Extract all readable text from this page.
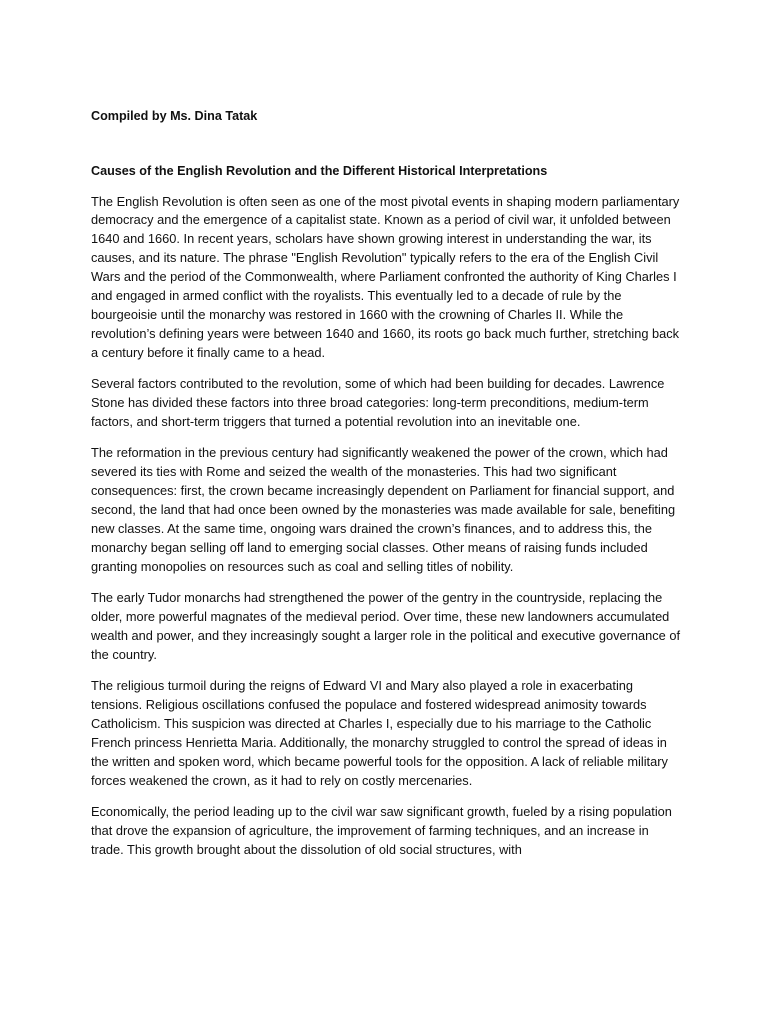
Compiled by Ms. Dina Tatak

Causes of the English Revolution and the Different Historical Interpretations

The English Revolution is often seen as one of the most pivotal events in shaping modern parliamentary democracy and the emergence of a capitalist state. Known as a period of civil war, it unfolded between 1640 and 1660. In recent years, scholars have shown growing interest in understanding the war, its causes, and its nature. The phrase "English Revolution" typically refers to the era of the English Civil Wars and the period of the Commonwealth, where Parliament confronted the authority of King Charles I and engaged in armed conflict with the royalists. This eventually led to a decade of rule by the bourgeoisie until the monarchy was restored in 1660 with the crowning of Charles II. While the revolution’s defining years were between 1640 and 1660, its roots go back much further, stretching back a century before it finally came to a head.

Several factors contributed to the revolution, some of which had been building for decades. Lawrence Stone has divided these factors into three broad categories: long-term preconditions, medium-term factors, and short-term triggers that turned a potential revolution into an inevitable one.

The reformation in the previous century had significantly weakened the power of the crown, which had severed its ties with Rome and seized the wealth of the monasteries. This had two significant consequences: first, the crown became increasingly dependent on Parliament for financial support, and second, the land that had once been owned by the monasteries was made available for sale, benefiting new classes. At the same time, ongoing wars drained the crown’s finances, and to address this, the monarchy began selling off land to emerging social classes. Other means of raising funds included granting monopolies on resources such as coal and selling titles of nobility.

The early Tudor monarchs had strengthened the power of the gentry in the countryside, replacing the older, more powerful magnates of the medieval period. Over time, these new landowners accumulated wealth and power, and they increasingly sought a larger role in the political and executive governance of the country.

The religious turmoil during the reigns of Edward VI and Mary also played a role in exacerbating tensions. Religious oscillations confused the populace and fostered widespread animosity towards Catholicism. This suspicion was directed at Charles I, especially due to his marriage to the Catholic French princess Henrietta Maria. Additionally, the monarchy struggled to control the spread of ideas in the written and spoken word, which became powerful tools for the opposition. A lack of reliable military forces weakened the crown, as it had to rely on costly mercenaries.

Economically, the period leading up to the civil war saw significant growth, fueled by a rising population that drove the expansion of agriculture, the improvement of farming techniques, and an increase in trade. This growth brought about the dissolution of old social structures, with
